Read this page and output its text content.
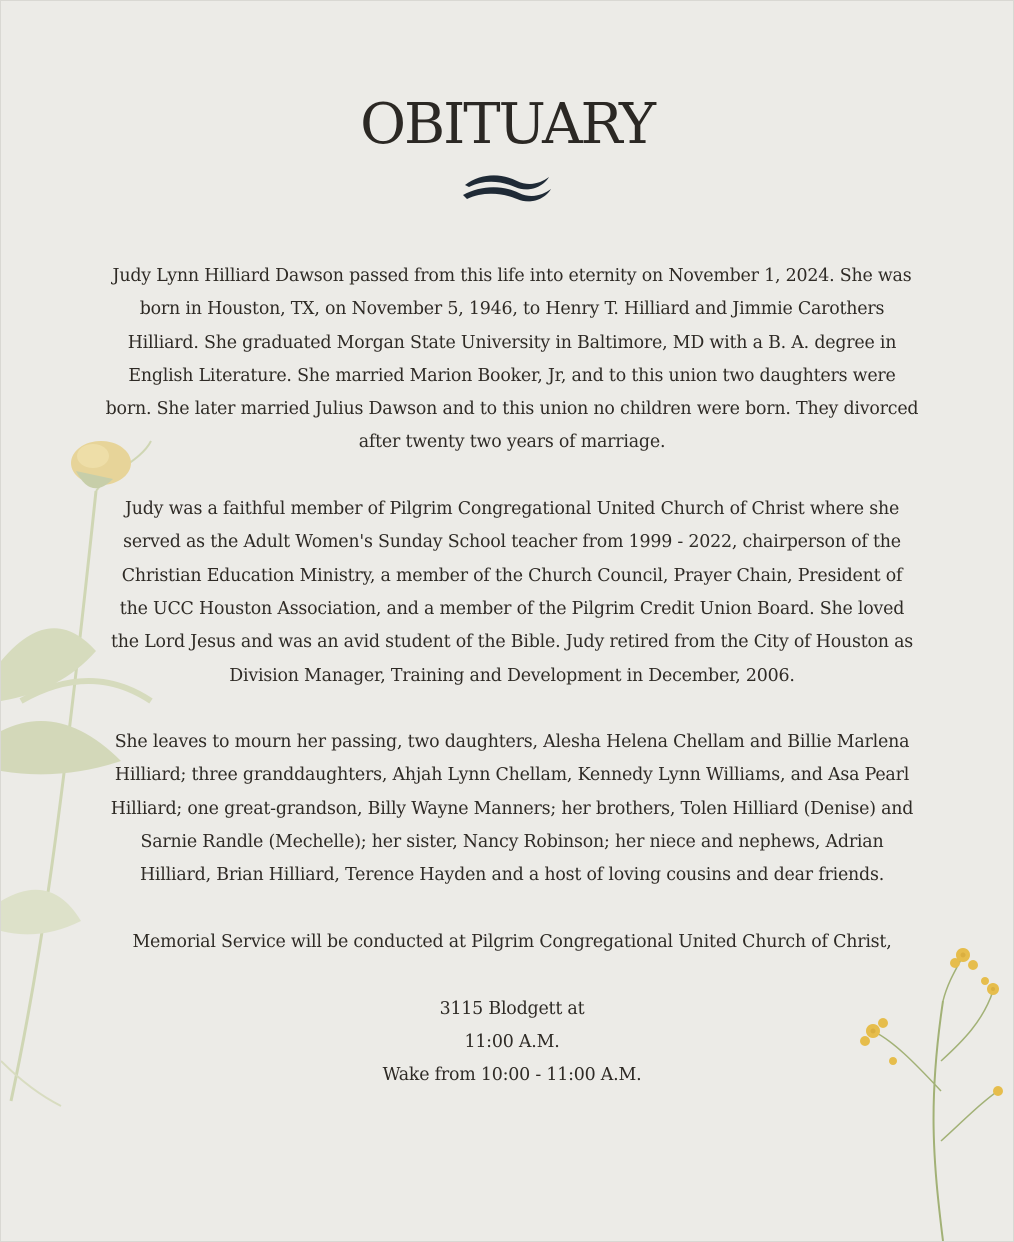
OBITUARY

Judy Lynn Hilliard Dawson passed from this life into eternity on November 1, 2024. She was
born in Houston, TX, on November 5, 1946, to Henry T. Hilliard and Jimmie Carothers
Hilliard. She graduated Morgan State University in Baltimore, MD with a B. A. degree in
English Literature. She married Marion Booker, Jr, and to this union two daughters were
born. She later married Julius Dawson and to this union no children were born. They divorced
after twenty two years of marriage.

Judy was a faithful member of Pilgrim Congregational United Church of Christ where she
served as the Adult Women's Sunday School teacher from 1999 - 2022, chairperson of the
Christian Education Ministry, a member of the Church Council, Prayer Chain, President of
the UCC Houston Association, and a member of the Pilgrim Credit Union Board. She loved
the Lord Jesus and was an avid student of the Bible. Judy retired from the City of Houston as
Division Manager, Training and Development in December, 2006.

She leaves to mourn her passing, two daughters, Alesha Helena Chellam and Billie Marlena
Hilliard; three granddaughters, Ahjah Lynn Chellam, Kennedy Lynn Williams, and Asa Pearl
Hilliard; one great-grandson, Billy Wayne Manners; her brothers, Tolen Hilliard (Denise) and
Sarnie Randle (Mechelle); her sister, Nancy Robinson; her niece and nephews, Adrian
Hilliard, Brian Hilliard, Terence Hayden and a host of loving cousins and dear friends.

Memorial Service will be conducted at Pilgrim Congregational United Church of Christ,

3115 Blodgett at
11:00 A.M.
Wake from 10:00 - 11:00 A.M.
